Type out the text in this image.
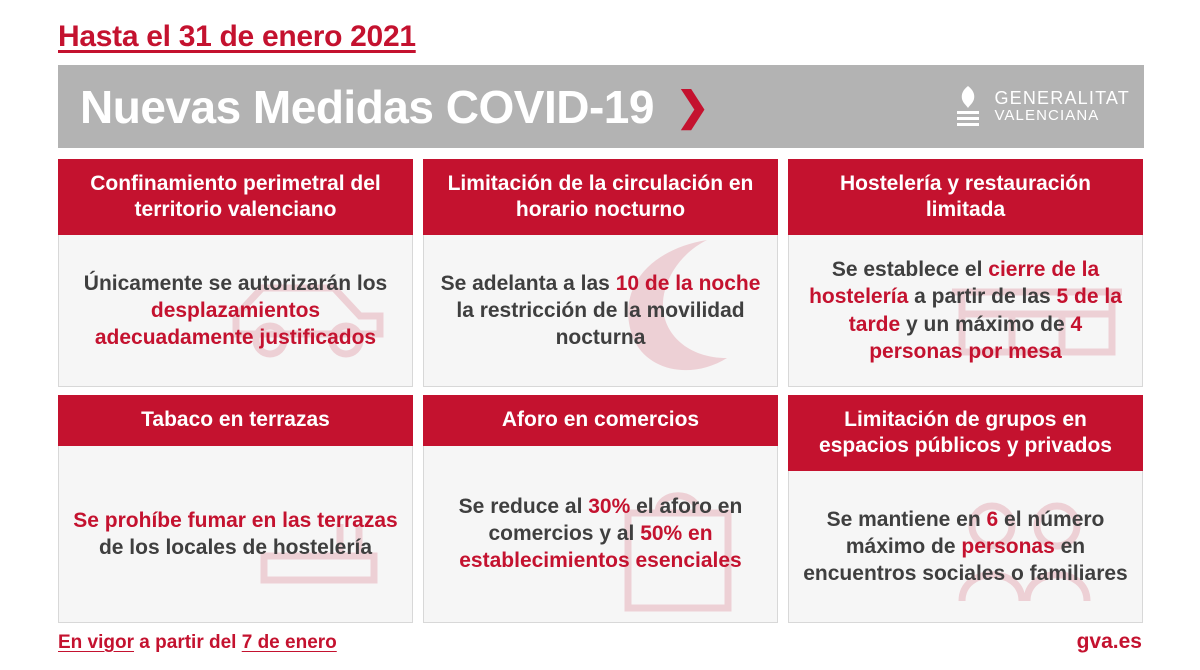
Hasta el 31 de enero 2021
Nuevas Medidas COVID-19 ❯	GENERALITAT
VALENCIANA
Confinamiento perimetral del territorio valenciano
Únicamente se autorizarán los desplazamientos adecuadamente justificados
Limitación de la circulación en horario nocturno
Se adelanta a las 10 de la noche la restricción de la movilidad nocturna
Hostelería y restauración limitada
Se establece el cierre de la hostelería a partir de las 5 de la tarde y un máximo de 4 personas por mesa
Tabaco en terrazas
Se prohíbe fumar en las terrazas de los locales de hostelería
Aforo en comercios
Se reduce al 30% el aforo en comercios y al 50% en establecimientos esenciales
Limitación de grupos en espacios públicos y privados
Se mantiene en 6 el número máximo de personas en encuentros sociales o familiares
En vigor a partir del 7 de enero	gva.es
